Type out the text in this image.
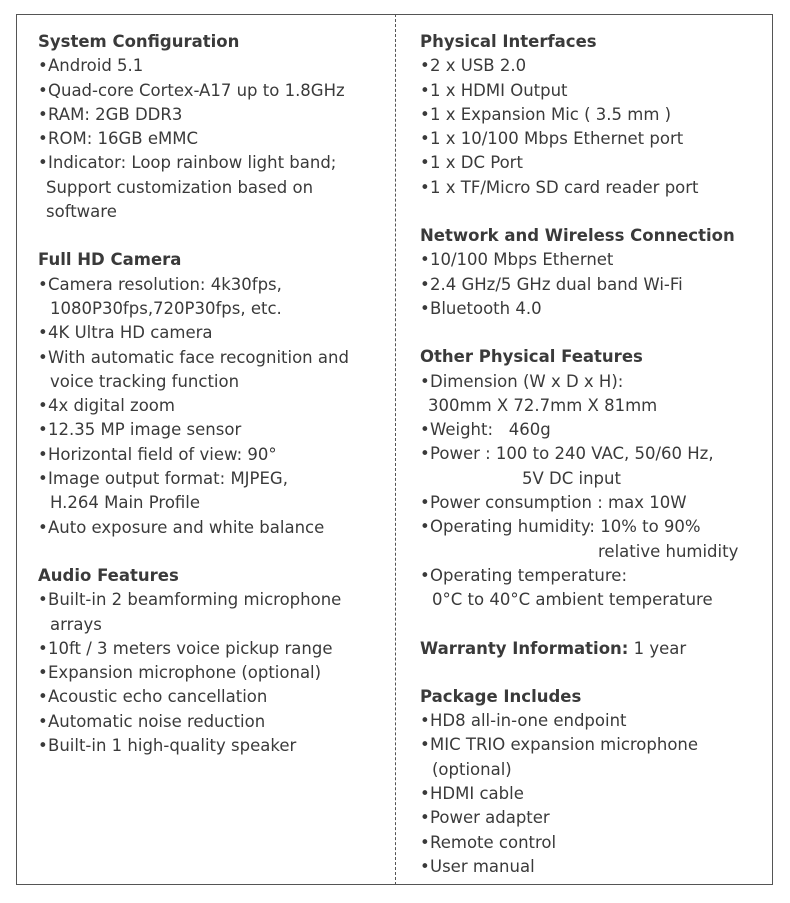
System Configuration
•Android 5.1
•Quad-core Cortex-A17 up to 1.8GHz
•RAM: 2GB DDR3
•ROM: 16GB eMMC
•Indicator: Loop rainbow light band;
Support customization based on
software
Full HD Camera
•Camera resolution: 4k30fps,
1080P30fps,720P30fps, etc.
•4K Ultra HD camera
•With automatic face recognition and
voice tracking function
•4x digital zoom
•12.35 MP image sensor
•Horizontal field of view: 90°
•Image output format: MJPEG,
H.264 Main Profile
•Auto exposure and white balance
Audio Features
•Built-in 2 beamforming microphone
arrays
•10ft / 3 meters voice pickup range
•Expansion microphone (optional)
•Acoustic echo cancellation
•Automatic noise reduction
•Built-in 1 high-quality speaker
Physical Interfaces
•2 x USB 2.0
•1 x HDMI Output
•1 x Expansion Mic ( 3.5 mm )
•1 x 10/100 Mbps Ethernet port
•1 x DC Port
•1 x TF/Micro SD card reader port
Network and Wireless Connection
•10/100 Mbps Ethernet
•2.4 GHz/5 GHz dual band Wi-Fi
•Bluetooth 4.0
Other Physical Features
•Dimension (W x D x H):
300mm X 72.7mm X 81mm
•Weight:   460g
•Power : 100 to 240 VAC, 50/60 Hz,
5V DC input
•Power consumption : max 10W
•Operating humidity: 10% to 90%
relative humidity
•Operating temperature:
0°C to 40°C ambient temperature
Warranty Information: 1 year
Package Includes
•HD8 all-in-one endpoint
•MIC TRIO expansion microphone
(optional)
•HDMI cable
•Power adapter
•Remote control
•User manual
